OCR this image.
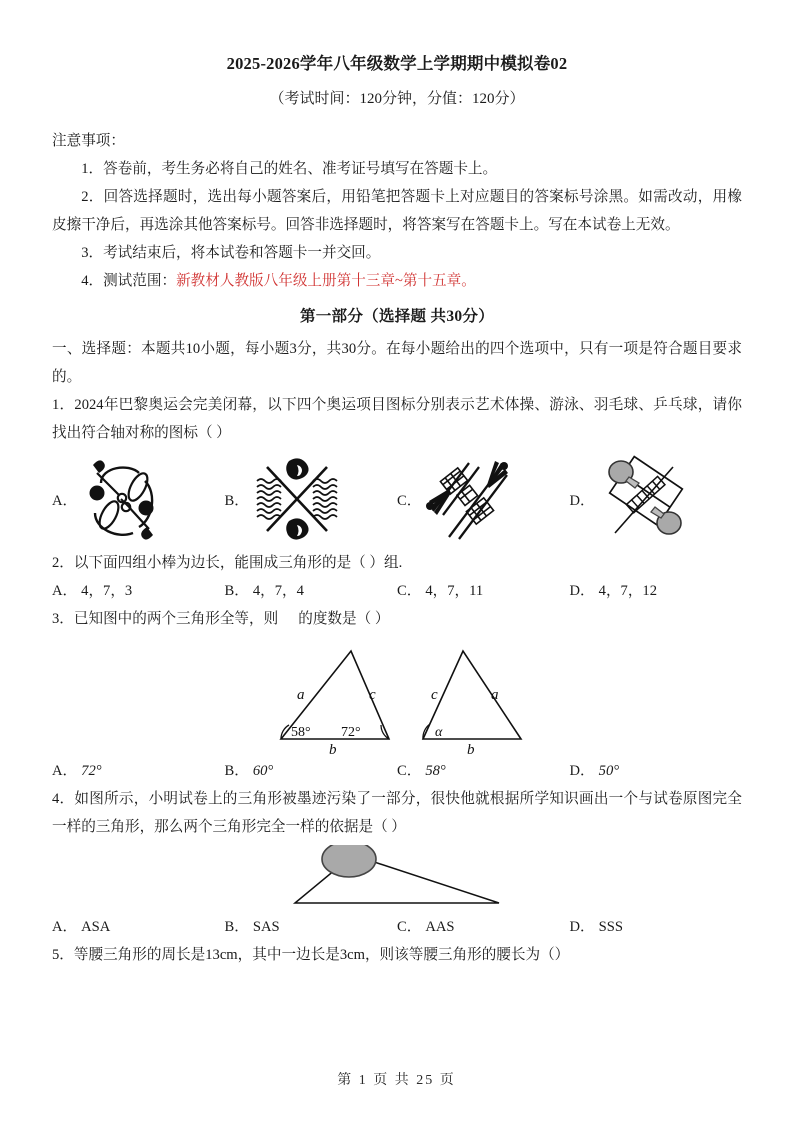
2025-2026学年八年级数学上学期期中模拟卷02
（考试时间：120分钟，分值：120分）
注意事项：
1．答卷前，考生务必将自己的姓名、准考证号填写在答题卡上。
2．回答选择题时，选出每小题答案后，用铅笔把答题卡上对应题目的答案标号涂黑。如需改动，用橡皮擦干净后，再选涂其他答案标号。回答非选择题时，将答案写在答题卡上。写在本试卷上无效。
3．考试结束后，将本试卷和答题卡一并交回。
4．测试范围：新教材人教版八年级上册第十三章~第十五章。
第一部分（选择题 共30分）
一、选择题：本题共10小题，每小题3分，共30分。在每小题给出的四个选项中，只有一项是符合题目要求的。
1．2024年巴黎奥运会完美闭幕，以下四个奥运项目图标分别表示艺术体操、游泳、羽毛球、乒乓球，请你找出符合轴对称的图标（ ）
A．	B．	C．	D．
2．以下面四组小棒为边长，能围成三角形的是（ ）组.
A． 4，7，3	B． 4，7，4	C． 4，7，11	D． 4，7，12
3．已知图中的两个三角形全等，则 的度数是（ ）
a	c
b
58° 72°
c	a
b
α
A． 72°	B． 60°	C． 58°	D． 50°
4．如图所示，小明试卷上的三角形被墨迹污染了一部分，很快他就根据所学知识画出一个与试卷原图完全一样的三角形，那么两个三角形完全一样的依据是（ ）
A． ASA	B． SAS	C． AAS	D． SSS
5．等腰三角形的周长是13cm，其中一边长是3cm，则该等腰三角形的腰长为（）
第 1 页 共 25 页
